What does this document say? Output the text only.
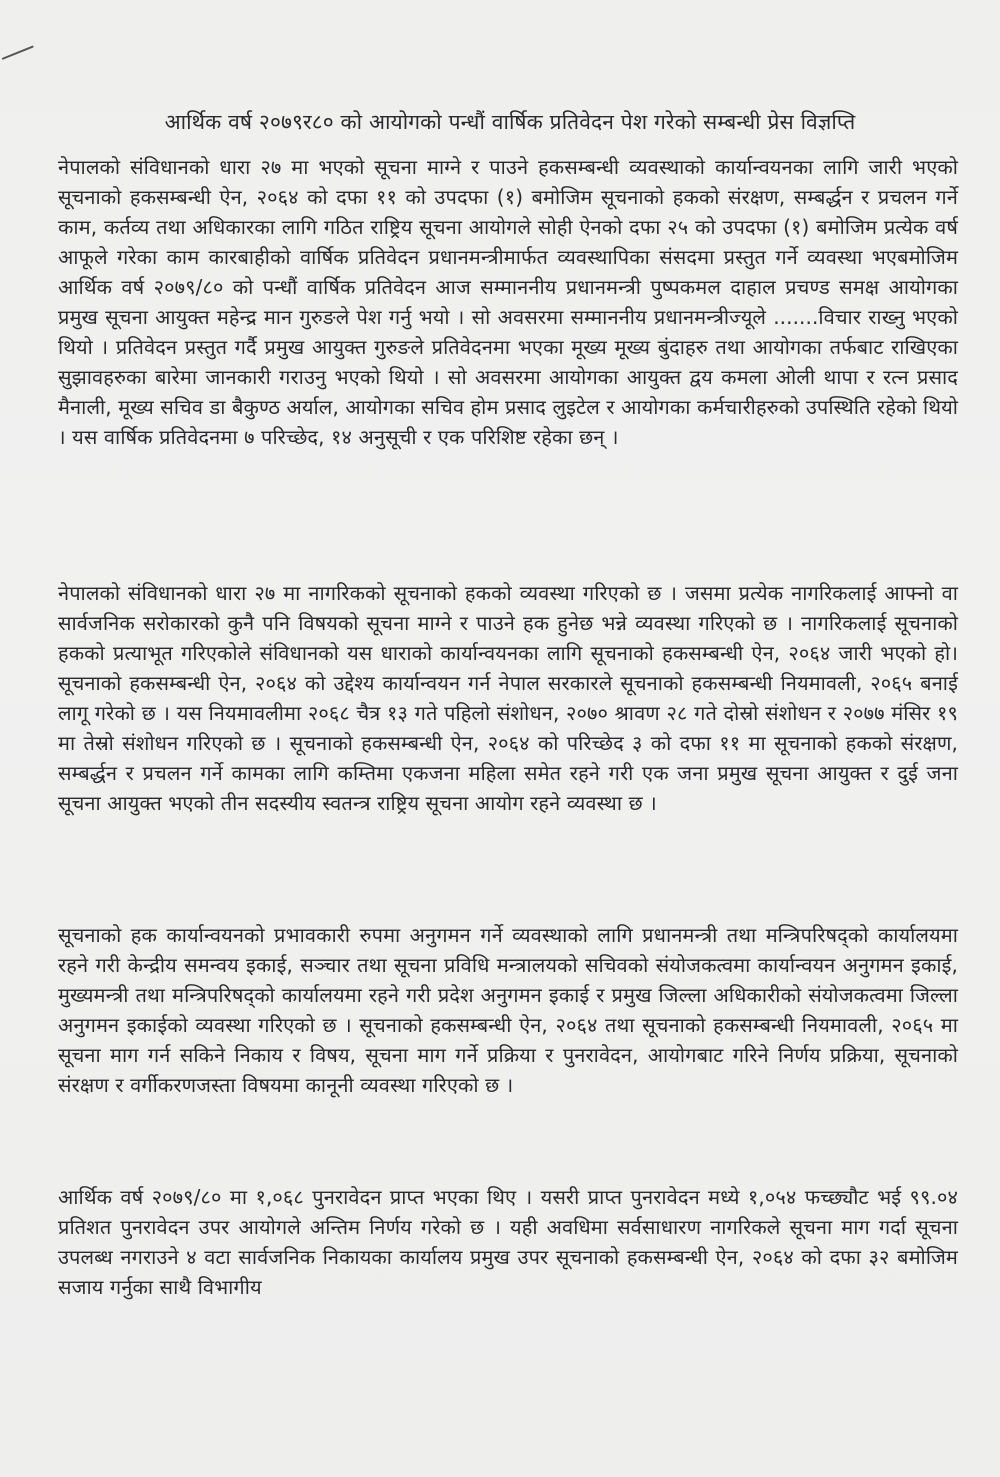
आर्थिक वर्ष २०७९र८० को आयोगको पन्धौं वार्षिक प्रतिवेदन पेश गरेको सम्बन्धी प्रेस विज्ञप्ति

नेपालको संविधानको धारा २७ मा भएको सूचना माग्ने र पाउने हकसम्बन्धी व्यवस्थाको कार्यान्वयनका लागि जारी भएको सूचनाको हकसम्बन्धी ऐन, २०६४ को दफा ११ को उपदफा (१) बमोजिम सूचनाको हकको संरक्षण, सम्बर्द्धन र प्रचलन गर्ने काम, कर्तव्य तथा अधिकारका लागि गठित राष्ट्रिय सूचना आयोगले सोही ऐनको दफा २५ को उपदफा (१) बमोजिम प्रत्येक वर्ष आफूले गरेका काम कारबाहीको वार्षिक प्रतिवेदन प्रधानमन्त्रीमार्फत व्यवस्थापिका संसदमा प्रस्तुत गर्ने व्यवस्था भएबमोजिम आर्थिक वर्ष २०७९/८० को पन्धौं वार्षिक प्रतिवेदन आज सम्माननीय प्रधानमन्त्री पुष्पकमल दाहाल प्रचण्ड समक्ष आयोगका प्रमुख सूचना आयुक्त महेन्द्र मान गुरुङले पेश गर्नु भयो । सो अवसरमा सम्माननीय प्रधानमन्त्रीज्यूले .......विचार राख्नु भएको थियो । प्रतिवेदन प्रस्तुत गर्दै प्रमुख आयुक्त गुरुङले प्रतिवेदनमा भएका मूख्य मूख्य बुंदाहरु तथा आयोगका तर्फबाट राखिएका सुझावहरुका बारेमा जानकारी गराउनु भएको थियो । सो अवसरमा आयोगका आयुक्त द्वय कमला ओली थापा र रत्न प्रसाद मैनाली, मूख्य सचिव डा बैकुण्ठ अर्याल, आयोगका सचिव होम प्रसाद लुइटेल र आयोगका कर्मचारीहरुको उपस्थिति रहेको थियो । यस वार्षिक प्रतिवेदनमा ७ परिच्छेद, १४ अनुसूची र एक परिशिष्ट रहेका छन् ।

नेपालको संविधानको धारा २७ मा नागरिकको सूचनाको हकको व्यवस्था गरिएको छ । जसमा प्रत्येक नागरिकलाई आफ्नो वा सार्वजनिक सरोकारको कुनै पनि विषयको सूचना माग्ने र पाउने हक हुनेछ भन्ने व्यवस्था गरिएको छ । नागरिकलाई सूचनाको हकको प्रत्याभूत गरिएकोले संविधानको यस धाराको कार्यान्वयनका लागि सूचनाको हकसम्बन्धी ऐन, २०६४ जारी भएको हो। सूचनाको हकसम्बन्धी ऐन, २०६४ को उद्देश्य कार्यान्वयन गर्न नेपाल सरकारले सूचनाको हकसम्बन्धी नियमावली, २०६५ बनाई लागू गरेको छ । यस नियमावलीमा २०६८ चैत्र १३ गते पहिलो संशोधन, २०७० श्रावण २८ गते दोस्रो संशोधन र २०७७ मंसिर १९ मा तेस्रो संशोधन गरिएको छ । सूचनाको हकसम्बन्धी ऐन, २०६४ को परिच्छेद ३ को दफा ११ मा सूचनाको हकको संरक्षण, सम्बर्द्धन र प्रचलन गर्ने कामका लागि कम्तिमा एकजना महिला समेत रहने गरी एक जना प्रमुख सूचना आयुक्त र दुई जना सूचना आयुक्त भएको तीन सदस्यीय स्वतन्त्र राष्ट्रिय सूचना आयोग रहने व्यवस्था छ ।

सूचनाको हक कार्यान्वयनको प्रभावकारी रुपमा अनुगमन गर्ने व्यवस्थाको लागि प्रधानमन्त्री तथा मन्त्रिपरिषद्को कार्यालयमा रहने गरी केन्द्रीय समन्वय इकाई, सञ्चार तथा सूचना प्रविधि मन्त्रालयको सचिवको संयोजकत्वमा कार्यान्वयन अनुगमन इकाई, मुख्यमन्त्री तथा मन्त्रिपरिषद्को कार्यालयमा रहने गरी प्रदेश अनुगमन इकाई र प्रमुख जिल्ला अधिकारीको संयोजकत्वमा जिल्ला अनुगमन इकाईको व्यवस्था गरिएको छ । सूचनाको हकसम्बन्धी ऐन, २०६४ तथा सूचनाको हकसम्बन्धी नियमावली, २०६५ मा सूचना माग गर्न सकिने निकाय र विषय, सूचना माग गर्ने प्रक्रिया र पुनरावेदन, आयोगबाट गरिने निर्णय प्रक्रिया, सूचनाको संरक्षण र वर्गीकरणजस्ता विषयमा कानूनी व्यवस्था गरिएको छ ।

आर्थिक वर्ष २०७९/८० मा १,०६८ पुनरावेदन प्राप्त भएका थिए । यसरी प्राप्त पुनरावेदन मध्ये १,०५४ फच्छ्यौट भई ९९.०४ प्रतिशत पुनरावेदन उपर आयोगले अन्तिम निर्णय गरेको छ । यही अवधिमा सर्वसाधारण नागरिकले सूचना माग गर्दा सूचना उपलब्ध नगराउने ४ वटा सार्वजनिक निकायका कार्यालय प्रमुख उपर सूचनाको हकसम्बन्धी ऐन, २०६४ को दफा ३२ बमोजिम सजाय गर्नुका साथै विभागीय
